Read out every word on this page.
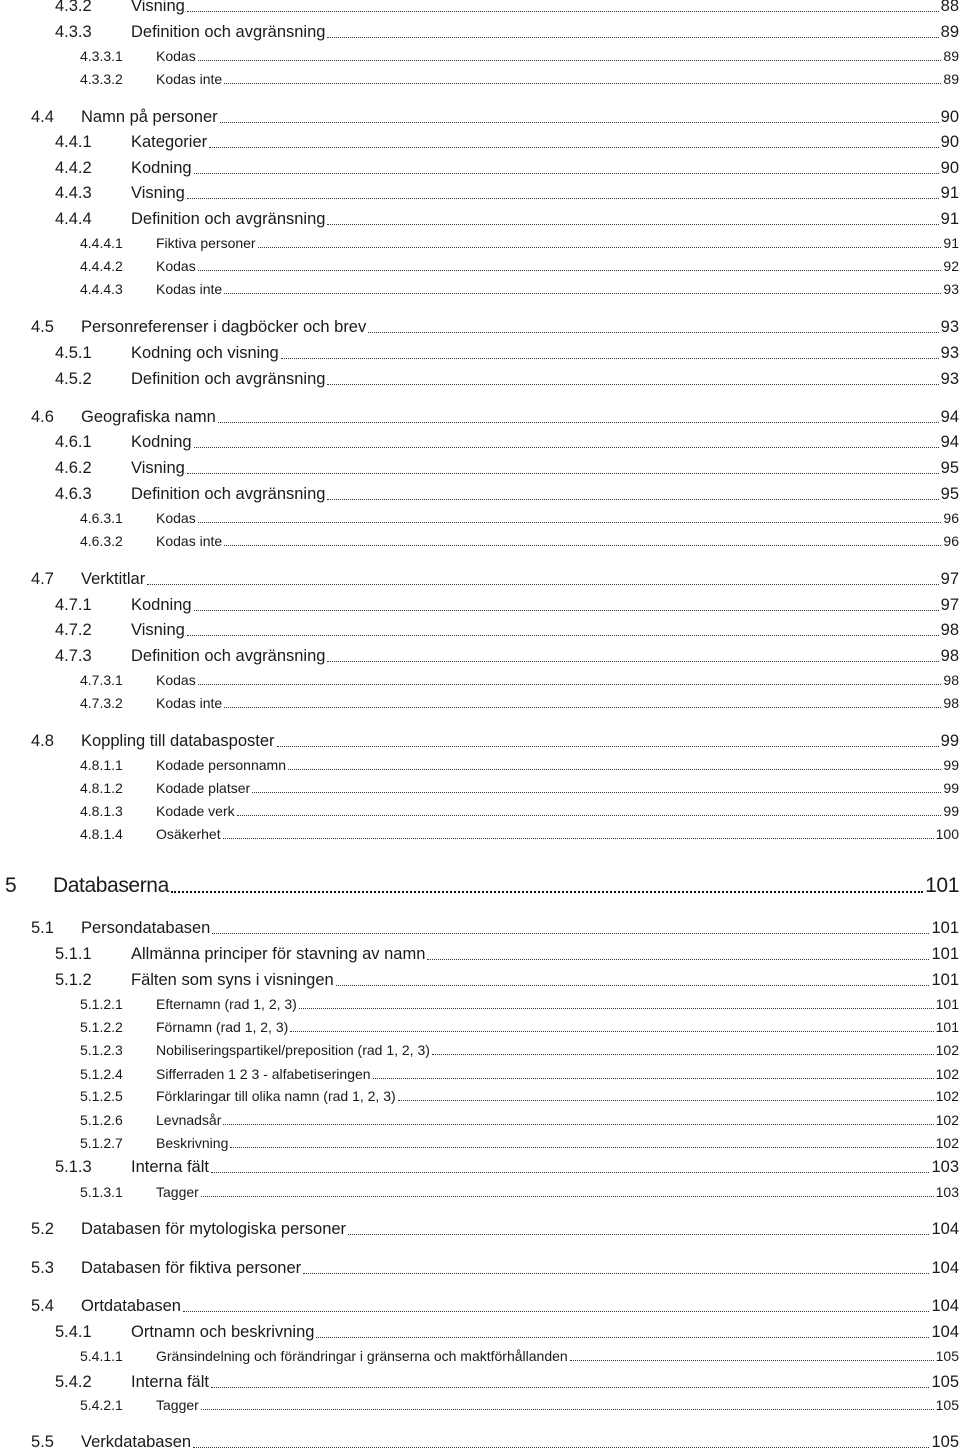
4.3.2	Visning	88
4.3.3	Definition och avgränsning	89
4.3.3.1	Kodas	89
4.3.3.2	Kodas inte	89
4.4	Namn på personer	90
4.4.1	Kategorier	90
4.4.2	Kodning	90
4.4.3	Visning	91
4.4.4	Definition och avgränsning	91
4.4.4.1	Fiktiva personer	91
4.4.4.2	Kodas	92
4.4.4.3	Kodas inte	93
4.5	Personreferenser i dagböcker och brev	93
4.5.1	Kodning och visning	93
4.5.2	Definition och avgränsning	93
4.6	Geografiska namn	94
4.6.1	Kodning	94
4.6.2	Visning	95
4.6.3	Definition och avgränsning	95
4.6.3.1	Kodas	96
4.6.3.2	Kodas inte	96
4.7	Verktitlar	97
4.7.1	Kodning	97
4.7.2	Visning	98
4.7.3	Definition och avgränsning	98
4.7.3.1	Kodas	98
4.7.3.2	Kodas inte	98
4.8	Koppling till databasposter	99
4.8.1.1	Kodade personnamn	99
4.8.1.2	Kodade platser	99
4.8.1.3	Kodade verk	99
4.8.1.4	Osäkerhet	100
5	Databaserna	101
5.1	Persondatabasen	101
5.1.1	Allmänna principer för stavning av namn	101
5.1.2	Fälten som syns i visningen	101
5.1.2.1	Efternamn (rad 1, 2, 3)	101
5.1.2.2	Förnamn (rad 1, 2, 3)	101
5.1.2.3	Nobiliseringspartikel/preposition (rad 1, 2, 3)	102
5.1.2.4	Sifferraden 1 2 3 - alfabetiseringen	102
5.1.2.5	Förklaringar till olika namn (rad 1, 2, 3)	102
5.1.2.6	Levnadsår	102
5.1.2.7	Beskrivning	102
5.1.3	Interna fält	103
5.1.3.1	Tagger	103
5.2	Databasen för mytologiska personer	104
5.3	Databasen för fiktiva personer	104
5.4	Ortdatabasen	104
5.4.1	Ortnamn och beskrivning	104
5.4.1.1	Gränsindelning och förändringar i gränserna och maktförhållanden	105
5.4.2	Interna fält	105
5.4.2.1	Tagger	105
5.5	Verkdatabasen	105
